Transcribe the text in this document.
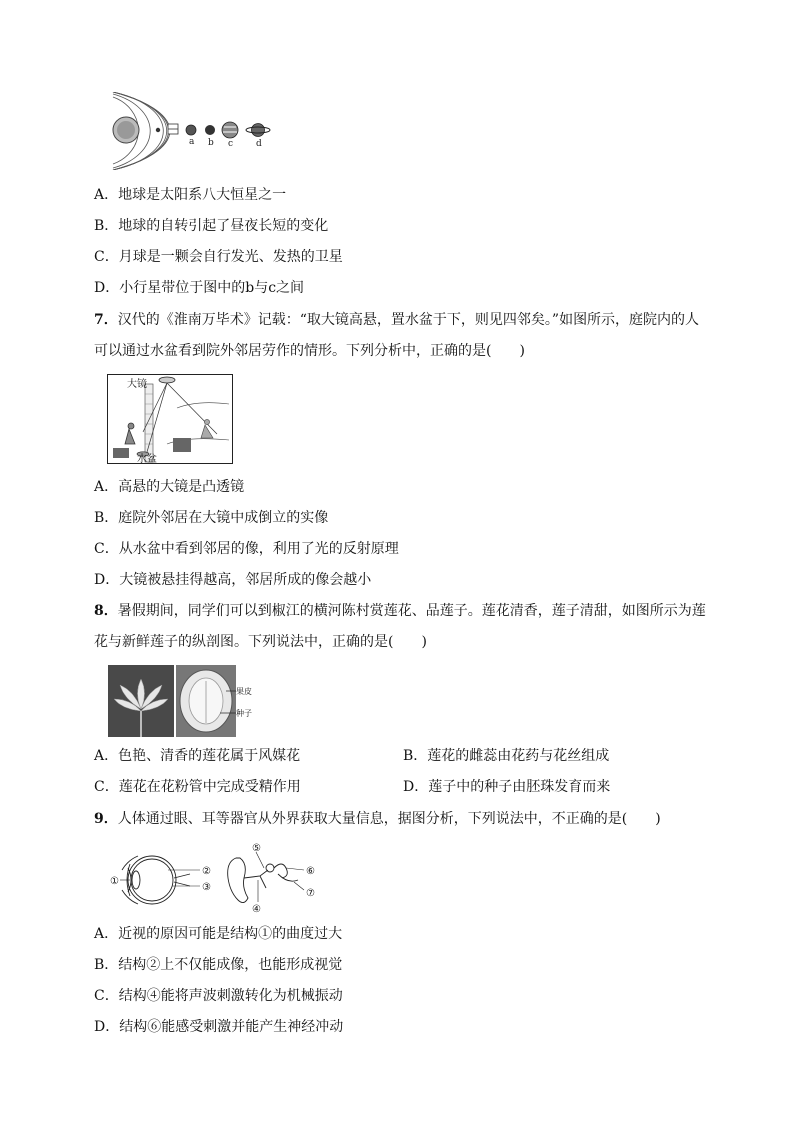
a b c	d
A．地球是太阳系八大恒星之一
B．地球的自转引起了昼夜长短的变化
C．月球是一颗会自行发光、发热的卫星
D．小行星带位于图中的b与c之间
7．汉代的《淮南万毕术》记载：“取大镜高悬，置水盆于下，则见四邻矣。”如图所示，庭院内的人
可以通过水盆看到院外邻居劳作的情形。下列分析中，正确的是(　　)
大镜
水盆
A．高悬的大镜是凸透镜
B．庭院外邻居在大镜中成倒立的实像
C．从水盆中看到邻居的像，利用了光的反射原理
D．大镜被悬挂得越高，邻居所成的像会越小
8．暑假期间，同学们可以到椒江的横河陈村赏莲花、品莲子。莲花清香，莲子清甜，如图所示为莲
花与新鲜莲子的纵剖图。下列说法中，正确的是(　　)
果皮
种子
A．色艳、清香的莲花属于风媒花	B．莲花的雌蕊由花药与花丝组成
C．莲花在花粉管中完成受精作用	D．莲子中的种子由胚珠发育而来
9．人体通过眼、耳等器官从外界获取大量信息，据图分析，下列说法中，不正确的是(　　)
①
②
③
④
⑤
⑥
⑦
A．近视的原因可能是结构①的曲度过大
B．结构②上不仅能成像，也能形成视觉
C．结构④能将声波刺激转化为机械振动
D．结构⑥能感受刺激并能产生神经冲动
